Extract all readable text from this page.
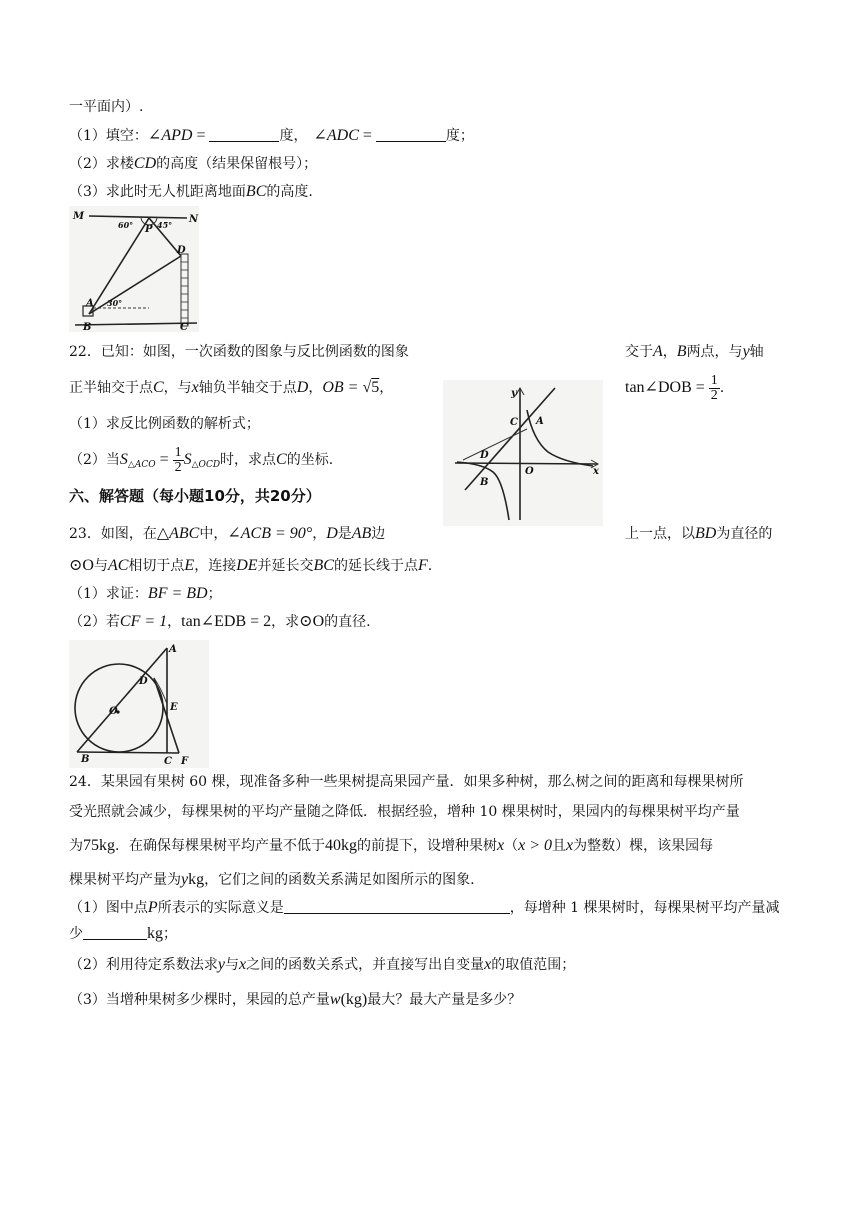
一平面内）.
（1）填空：∠APD =	度， ∠ADC =	度；
（2）求楼CD的高度（结果保留根号）；
（3）求此时无人机距离地面BC的高度.
M	N
P
60°	45°
D
A 30°
B	C
22．已知：如图，一次函数的图象与反比例函数的图象	交于A，B两点，与y轴
正半轴交于点C，与x轴负半轴交于点D，OB = √5，	tan∠DOB = $\frac{1}{2}$ .
（1）求反比例函数的解析式；
（2）当$S_{\triangle ACO} = \frac{1}{2} S_{\triangle OCD}$时，求点C的坐标.
y
x
C A
D
O
B
六、解答题（每小题10分，共20分）
23．如图，在△ABC中，∠ACB = 90°，D是AB边	上一点，以BD为直径的
⊙O与AC相切于点E，连接DE并延长交BC的延长线于点F.
（1）求证：BF = BD；
（2）若CF = 1，tan∠EDB = 2，求⊙O的直径.
A
D
E
O
B	C F
24．某果园有果树 60 棵，现准备多种一些果树提高果园产量．如果多种树，那么树之间的距离和每棵果树所
受光照就会减少，每棵果树的平均产量随之降低．根据经验，增种 10 棵果树时，果园内的每棵果树平均产量
为75kg．在确保每棵果树平均产量不低于40kg的前提下，设增种果树x（x > 0且x为整数）棵，该果园每
棵果树平均产量为ykg，它们之间的函数关系满足如图所示的图象.
（1）图中点P所表示的实际意义是	，每增种 1 棵果树时，每棵果树平均产量减
少	kg；
（2）利用待定系数法求y与x之间的函数关系式，并直接写出自变量x的取值范围；
（3）当增种果树多少棵时，果园的总产量w(kg)最大？最大产量是多少？
